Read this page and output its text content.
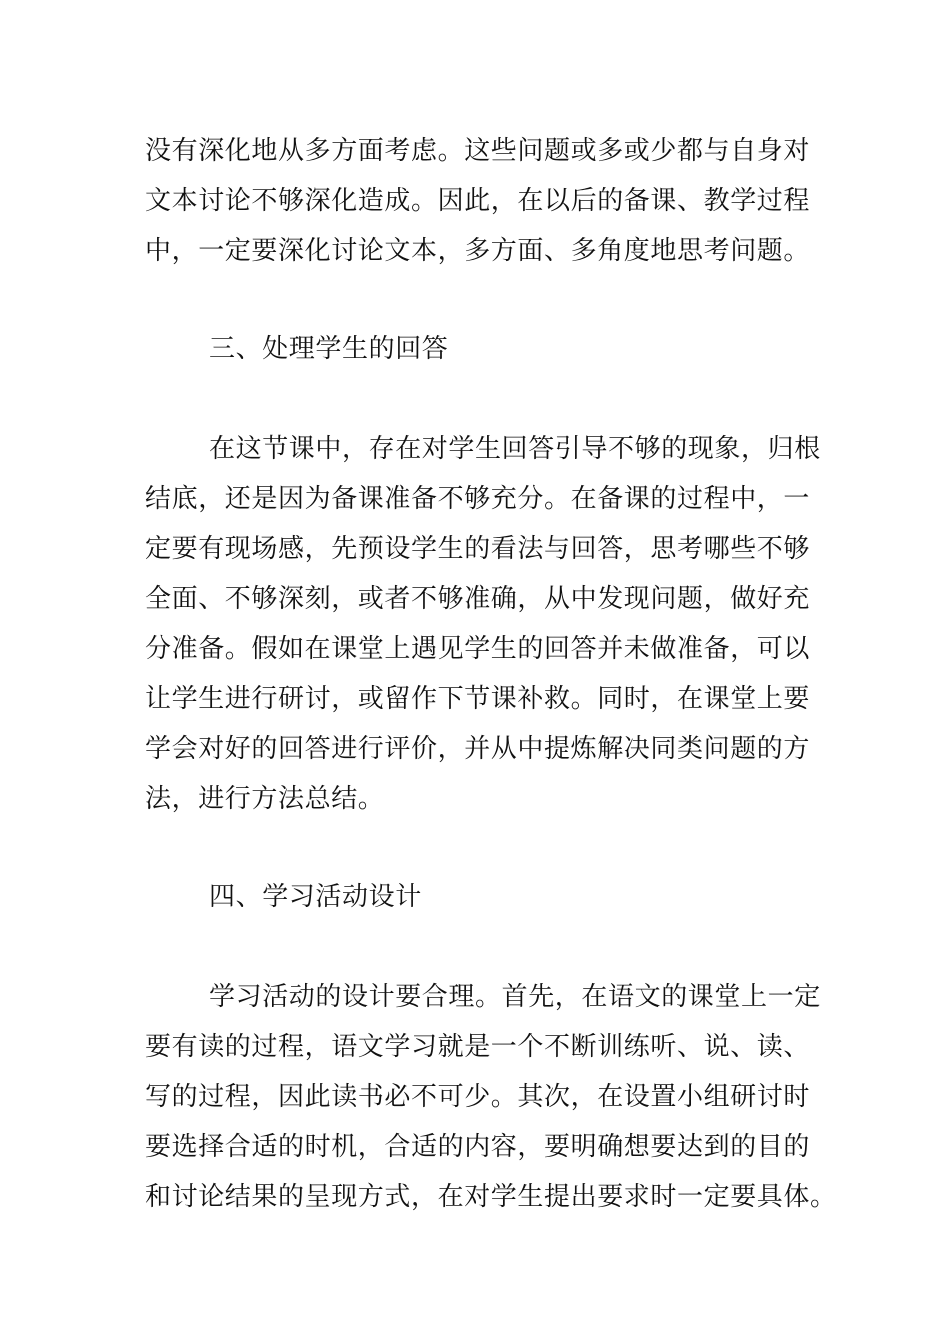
没有深化地从多方面考虑。这些问题或多或少都与自身对
文本讨论不够深化造成。因此，在以后的备课、教学过程
中，一定要深化讨论文本，多方面、多角度地思考问题。
三、处理学生的回答
在这节课中，存在对学生回答引导不够的现象，归根
结底，还是因为备课准备不够充分。在备课的过程中，一
定要有现场感，先预设学生的看法与回答，思考哪些不够
全面、不够深刻，或者不够准确，从中发现问题，做好充
分准备。假如在课堂上遇见学生的回答并未做准备，可以
让学生进行研讨，或留作下节课补救。同时，在课堂上要
学会对好的回答进行评价，并从中提炼解决同类问题的方
法，进行方法总结。
四、学习活动设计
学习活动的设计要合理。首先，在语文的课堂上一定
要有读的过程，语文学习就是一个不断训练听、说、读、
写的过程，因此读书必不可少。其次，在设置小组研讨时
要选择合适的时机，合适的内容，要明确想要达到的目的
和讨论结果的呈现方式，在对学生提出要求时一定要具体。
